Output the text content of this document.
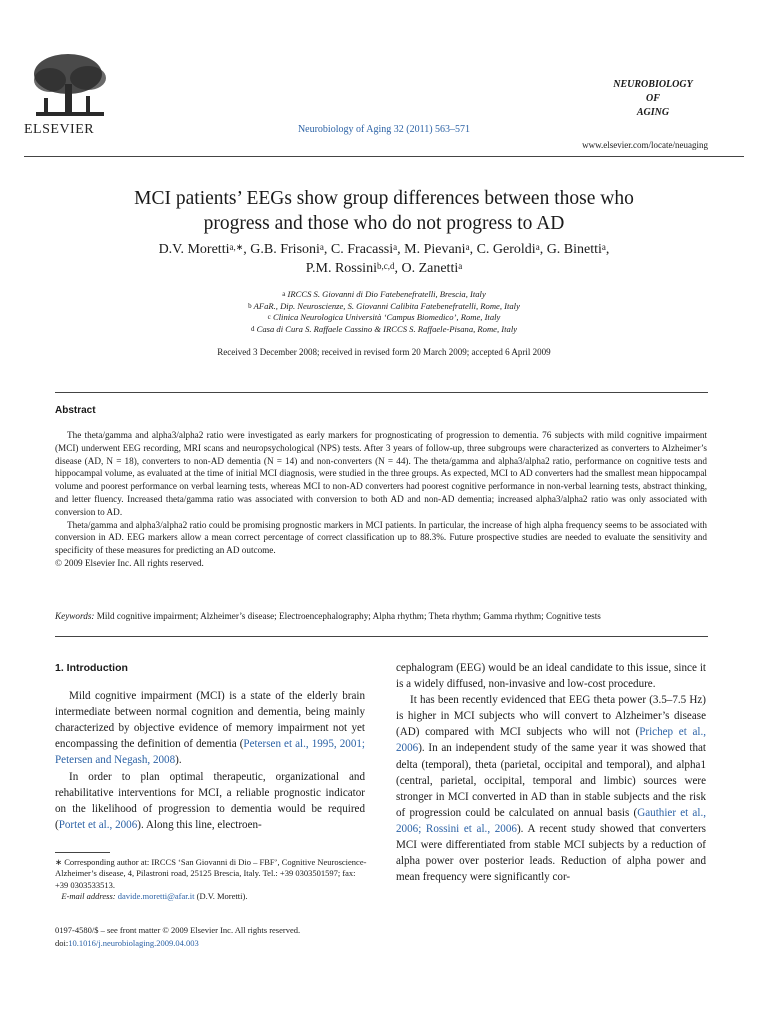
ELSEVIER	Neurobiology of Aging 32 (2011) 563–571
NEUROBIOLOGY
OF
AGING
www.elsevier.com/locate/neuaging
MCI patients’ EEGs show group differences between those who
progress and those who do not progress to AD
D.V. Moretti$^{a,∗}$, G.B. Frisoni$^a$, C. Fracassi$^a$, M. Pievani$^a$, C. Geroldi$^a$, G. Binetti$^a$,
P.M. Rossini$^{b,c,d}$, O. Zanetti$^a$
$^a$ IRCCS S. Giovanni di Dio Fatebenefratelli, Brescia, Italy
$^b$ AFaR., Dip. Neuroscienze, S. Giovanni Calibita Fatebenefratelli, Rome, Italy
$^c$ Clinica Neurologica Università ‘Campus Biomedico’, Rome, Italy
$^d$ Casa di Cura S. Raffaele Cassino & IRCCS S. Raffaele-Pisana, Rome, Italy
Received 3 December 2008; received in revised form 20 March 2009; accepted 6 April 2009
Abstract

The theta/gamma and alpha3/alpha2 ratio were investigated as early markers for prognosticating of progression to dementia. 76 subjects with mild cognitive impairment (MCI) underwent EEG recording, MRI scans and neuropsychological (NPS) tests. After 3 years of follow-up, three subgroups were characterized as converters to Alzheimer’s disease (AD, N = 18), converters to non-AD dementia (N = 14) and non-converters (N = 44). The theta/gamma and alpha3/alpha2 ratio, performance on cognitive tests and hippocampal volume, as evaluated at the time of initial MCI diagnosis, were studied in the three groups. As expected, MCI to AD converters had the smallest mean hippocampal volume and poorest performance on verbal learning tests, whereas MCI to non-AD converters had poorest cognitive performance in non-verbal learning tests, abstract thinking, and letter fluency. Increased theta/gamma ratio was associated with conversion to both AD and non-AD dementia; increased alpha3/alpha2 ratio was only associated with conversion to AD.

Theta/gamma and alpha3/alpha2 ratio could be promising prognostic markers in MCI patients. In particular, the increase of high alpha frequency seems to be associated with conversion in AD. EEG markers allow a mean correct percentage of correct classification up to 88.3%. Future prospective studies are needed to evaluate the sensitivity and specificity of these measures for predicting an AD outcome.

© 2009 Elsevier Inc. All rights reserved.

Keywords: Mild cognitive impairment; Alzheimer’s disease; Electroencephalography; Alpha rhythm; Theta rhythm; Gamma rhythm; Cognitive tests
1. Introduction

Mild cognitive impairment (MCI) is a state of the elderly brain intermediate between normal cognition and dementia, being mainly characterized by objective evidence of memory impairment not yet encompassing the definition of dementia (Petersen et al., 1995, 2001; Petersen and Negash, 2008).

In order to plan optimal therapeutic, organizational and rehabilitative interventions for MCI, a reliable prognostic indicator on the likelihood of progression to dementia would be required (Portet et al., 2006). Along this line, electroen-

cephalogram (EEG) would be an ideal candidate to this issue, since it is a widely diffused, non-invasive and low-cost procedure.

It has been recently evidenced that EEG theta power (3.5–7.5 Hz) is higher in MCI subjects who will convert to Alzheimer’s disease (AD) compared with MCI subjects who will not (Prichep et al., 2006). In an independent study of the same year it was showed that delta (temporal), theta (parietal, occipital and temporal), and alpha1 (central, parietal, occipital, temporal and limbic) sources were stronger in MCI converted in AD than in stable subjects and the risk of progression could be calculated on annual basis (Gauthier et al., 2006; Rossini et al., 2006). A recent study showed that converters MCI were differentiated from stable MCI subjects by a reduction of alpha power over posterior leads. Reduction of alpha power and mean frequency were significantly cor-

∗ Corresponding author at: IRCCS ‘San Giovanni di Dio – FBF’, Cognitive Neuroscience-Alzheimer’s disease, 4, Pilastroni road, 25125 Brescia, Italy. Tel.: +39 0303501597; fax: +39 0303533513.
E-mail address: davide.moretti@afar.it (D.V. Moretti).
0197-4580/$ – see front matter © 2009 Elsevier Inc. All rights reserved.
doi:10.1016/j.neurobiolaging.2009.04.003
